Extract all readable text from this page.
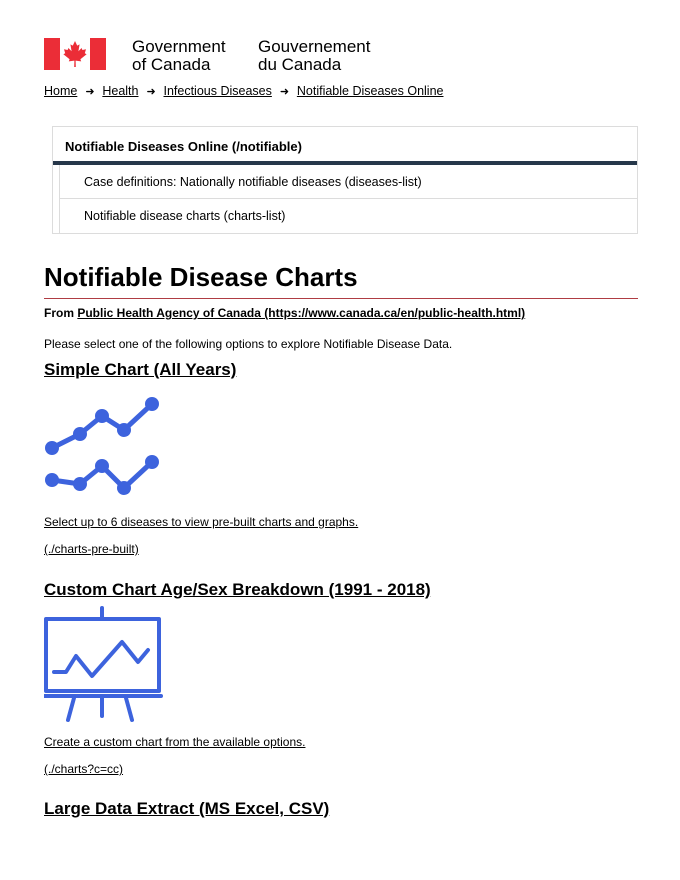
Government
of Canada
Gouvernement
du Canada
Home ➜ Health ➜ Infectious Diseases ➜ Notifiable Diseases Online
Notifiable Diseases Online (/notifiable)
Case definitions: Nationally notifiable diseases (diseases-list)
Notifiable disease charts (charts-list)
Notifiable Disease Charts
From Public Health Agency of Canada (https://www.canada.ca/en/public-health.html)
Please select one of the following options to explore Notifiable Disease Data.
Simple Chart (All Years)
Select up to 6 diseases to view pre-built charts and graphs.
(./charts-pre-built)
Custom Chart Age/Sex Breakdown (1991 - 2018)
Create a custom chart from the available options.
(./charts?c=cc)
Large Data Extract (MS Excel, CSV)
